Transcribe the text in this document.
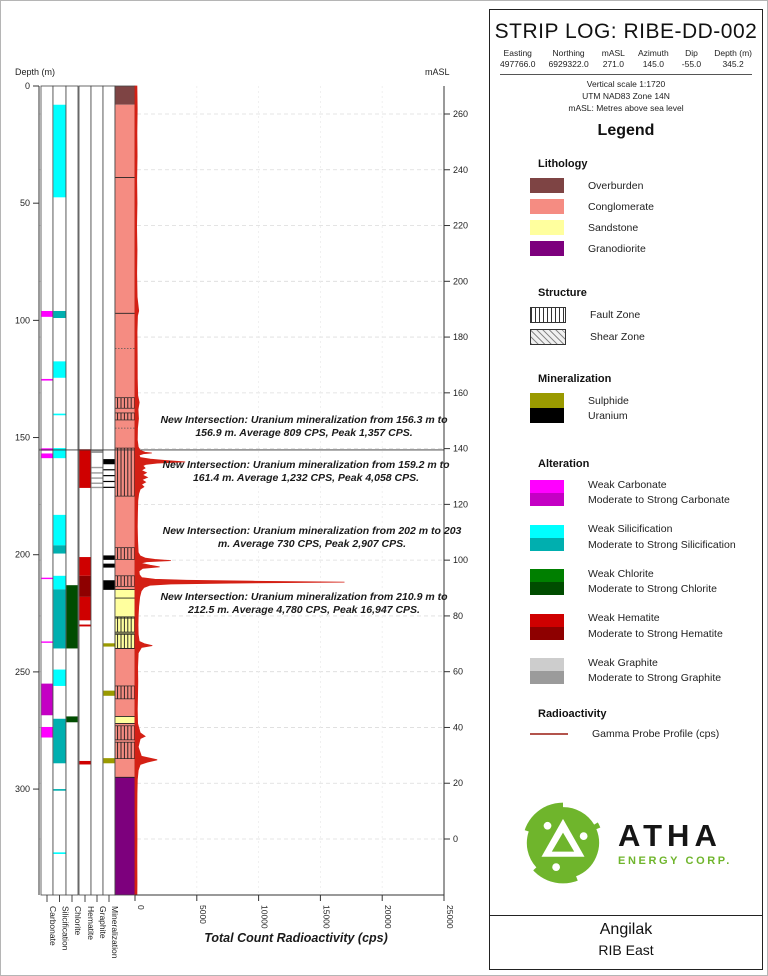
Carbonate Silicification Chlorite Hematite Graphite Mineralization
0
50
100
150
200
250
300
Depth (m)
260
240
220
200
180
160
140
120
100
80
60
40
20
0
mASL
0	5000	10000	15000	20000	25000
Total Count Radioactivity (cps)
New Intersection: Uranium mineralization from 156.3 m to 156.9 m. Average 809 CPS, Peak 1,357 CPS.
New Intersection: Uranium mineralization from 159.2 m to 161.4 m. Average 1,232 CPS, Peak 4,058 CPS.
New Intersection: Uranium mineralization from 202 m to 203 m. Average 730 CPS, Peak 2,907 CPS.
New Intersection: Uranium mineralization from 210.9 m to 212.5 m. Average 4,780 CPS, Peak 16,947 CPS.
STRIP LOG: RIBE-DD-002
Easting
497766.0
Northing
6929322.0
mASL
271.0
Azimuth
145.0
Dip
-55.0
Depth (m)
345.2
Vertical scale 1:1720
UTM NAD83 Zone 14N
mASL: Metres above sea level
Legend
Lithology
Overburden
Conglomerate
Sandstone
Granodiorite
Structure
Fault Zone
Shear Zone
Mineralization
Sulphide
Uranium
Alteration
Weak Carbonate
Moderate to Strong Carbonate
Weak Silicification
Moderate to Strong Silicification
Weak Chlorite
Moderate to Strong Chlorite
Weak Hematite
Moderate to Strong Hematite
Weak Graphite
Moderate to Strong Graphite
Radioactivity
Gamma Probe Profile (cps)
ATHA
ENERGY CORP.
Angilak
RIB East
